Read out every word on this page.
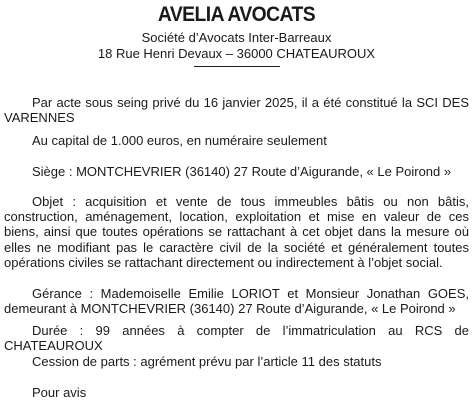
AVELIA AVOCATS
Société d’Avocats Inter-Barreaux
18 Rue Henri Devaux – 36000 CHATEAUROUX

Par acte sous seing privé du 16 janvier 2025, il a été constitué la SCI DES VARENNES

Au capital de 1.000 euros, en numéraire seulement

Siège : MONTCHEVRIER (36140) 27 Route d’Aigurande, « Le Poirond »

Objet : acquisition et vente de tous immeubles bâtis ou non bâtis, construction, aménagement, location, exploitation et mise en valeur de ces biens, ainsi que toutes opérations se rattachant à cet objet dans la mesure où elles ne modifiant pas le caractère civil de la société et généralement toutes opérations civiles se rattachant directement ou indirectement à l’objet social.

Gérance : Mademoiselle Emilie LORIOT et Monsieur Jonathan GOES, demeurant à MONTCHEVRIER (36140) 27 Route d’Aigurande, « Le Poirond »

Durée : 99 années à compter de l’immatriculation au RCS de CHATEAUROUX

Cession de parts : agrément prévu par l’article 11 des statuts

Pour avis
